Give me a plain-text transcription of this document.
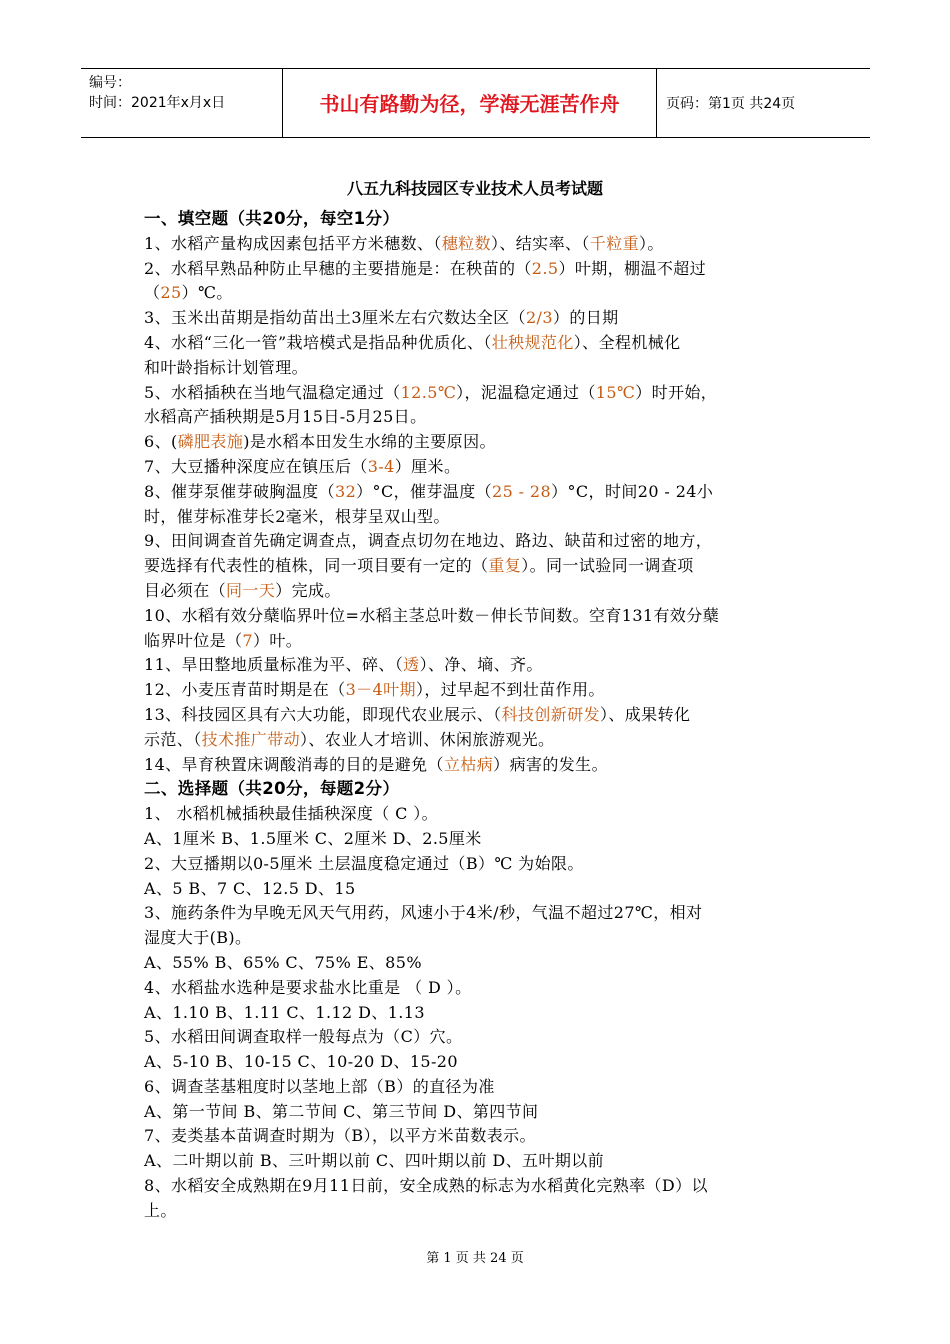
编号：
时间：2021年x月x日	书山有路勤为径，学海无涯苦作舟	页码：第1页 共24页
八五九科技园区专业技术人员考试题
一、填空题（共20分，每空1分）
1、水稻产量构成因素包括平方米穗数、（穗粒数）、结实率、（千粒重）。
2、水稻早熟品种防止早穗的主要措施是：在秧苗的（2.5）叶期，棚温不超过
（25）℃。
3、玉米出苗期是指幼苗出土3厘米左右穴数达全区（2/3）的日期
4、水稻“三化一管”栽培模式是指品种优质化、（壮秧规范化）、全程机械化
和叶龄指标计划管理。
5、水稻插秧在当地气温稳定通过（12.5℃），泥温稳定通过（15℃）时开始，
水稻高产插秧期是5月15日-5月25日。
6、(磷肥表施)是水稻本田发生水绵的主要原因。
7、大豆播种深度应在镇压后（3-4）厘米。
8、催芽泵催芽破胸温度（32）°C，催芽温度（25 - 28）°C，时间20 - 24小
时，催芽标准芽长2毫米，根芽呈双山型。
9、田间调查首先确定调查点，调查点切勿在地边、路边、缺苗和过密的地方，
要选择有代表性的植株，同一项目要有一定的（重复）。同一试验同一调查项
目必须在（同一天）完成。
10、水稻有效分蘖临界叶位=水稻主茎总叶数－伸长节间数。空育131有效分蘖
临界叶位是（7）叶。
11、旱田整地质量标准为平、碎、（透）、净、墒、齐。
12、小麦压青苗时期是在（3－4叶期），过早起不到壮苗作用。
13、科技园区具有六大功能，即现代农业展示、（科技创新研发）、成果转化
示范、（技术推广带动）、农业人才培训、休闲旅游观光。
14、旱育秧置床调酸消毒的目的是避免（立枯病）病害的发生。
二、选择题（共20分，每题2分）
1、 水稻机械插秧最佳插秧深度（ C ）。
A、1厘米 B、1.5厘米 C、2厘米 D、2.5厘米
2、大豆播期以0-5厘米 土层温度稳定通过（B）℃ 为始限。
A、5 B、7 C、12.5 D、15
3、施药条件为早晚无风天气用药，风速小于4米/秒，气温不超过27℃，相对
湿度大于(B)。
A、55% B、65% C、75% E、85%
4、水稻盐水选种是要求盐水比重是 （ D ）。
A、1.10 B、1.11 C、1.12 D、1.13
5、水稻田间调查取样一般每点为（C）穴。
A、5-10 B、10-15 C、10-20 D、15-20
6、调查茎基粗度时以茎地上部（B）的直径为准
A、第一节间 B、第二节间 C、第三节间 D、第四节间
7、麦类基本苗调查时期为（B），以平方米苗数表示。
A、二叶期以前 B、三叶期以前 C、四叶期以前 D、五叶期以前
8、水稻安全成熟期在9月11日前，安全成熟的标志为水稻黄化完熟率（D）以
上。
第 1 页 共 24 页
